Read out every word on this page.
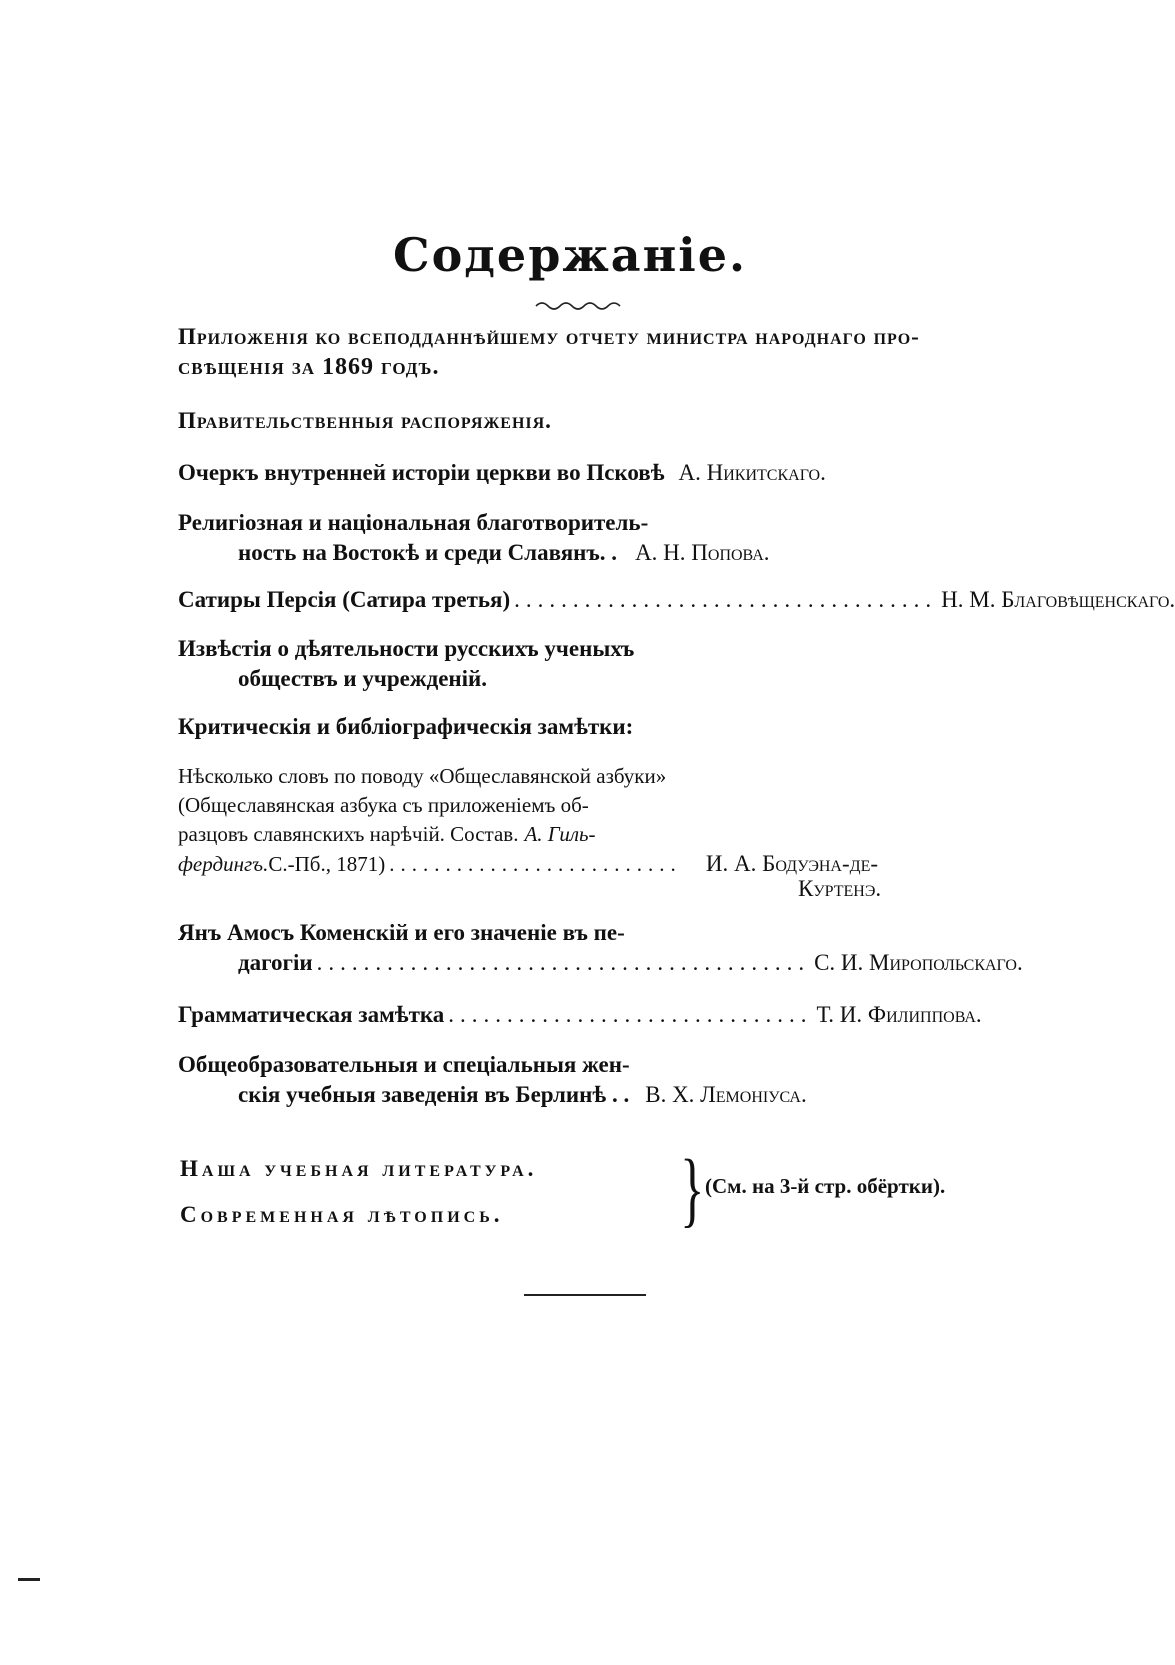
Содержаніе.
Приложенія ко всеподданнѣйшему отчету министра народнаго про-
свѣщенія за 1869 годъ.
Правительственныя распоряженія.
Очеркъ внутренней исторіи церкви во Псковѣ А. Никитскаго.
Религіозная и національная благотворитель-
ность на Востокѣ и среди Славянъ. . А. Н. Попова.
Сатиры Персія (Сатира третья) .................................... Н. М. Благовѣщенскаго.
Извѣстія о дѣятельности русскихъ ученыхъ
обществъ и учрежденій.
Критическія и библіографическія замѣтки:
Нѣсколько словъ по поводу «Общеславянской азбуки»
(Общеславянская азбука съ приложеніемъ об-
разцовъ славянскихъ нарѣчій. Состав. А. Гиль-
фердингъ. С.-Пб., 1871) ..........................	И. А. Бодуэна-де-
Куртенэ.
Янъ Амосъ Коменскій и его значеніе въ пе-
дагогіи .......................................... С. И. Миропольскаго.
Грамматическая замѣтка ............................... Т. И. Филиппова.
Общеобразовательныя и спеціальныя жен-
скія учебныя заведенія въ Берлинѣ . . В. Х. Лемоніуса.
Наша учебная литература.
Современная лѣтопись. } (См. на 3-й стр. обёртки).
